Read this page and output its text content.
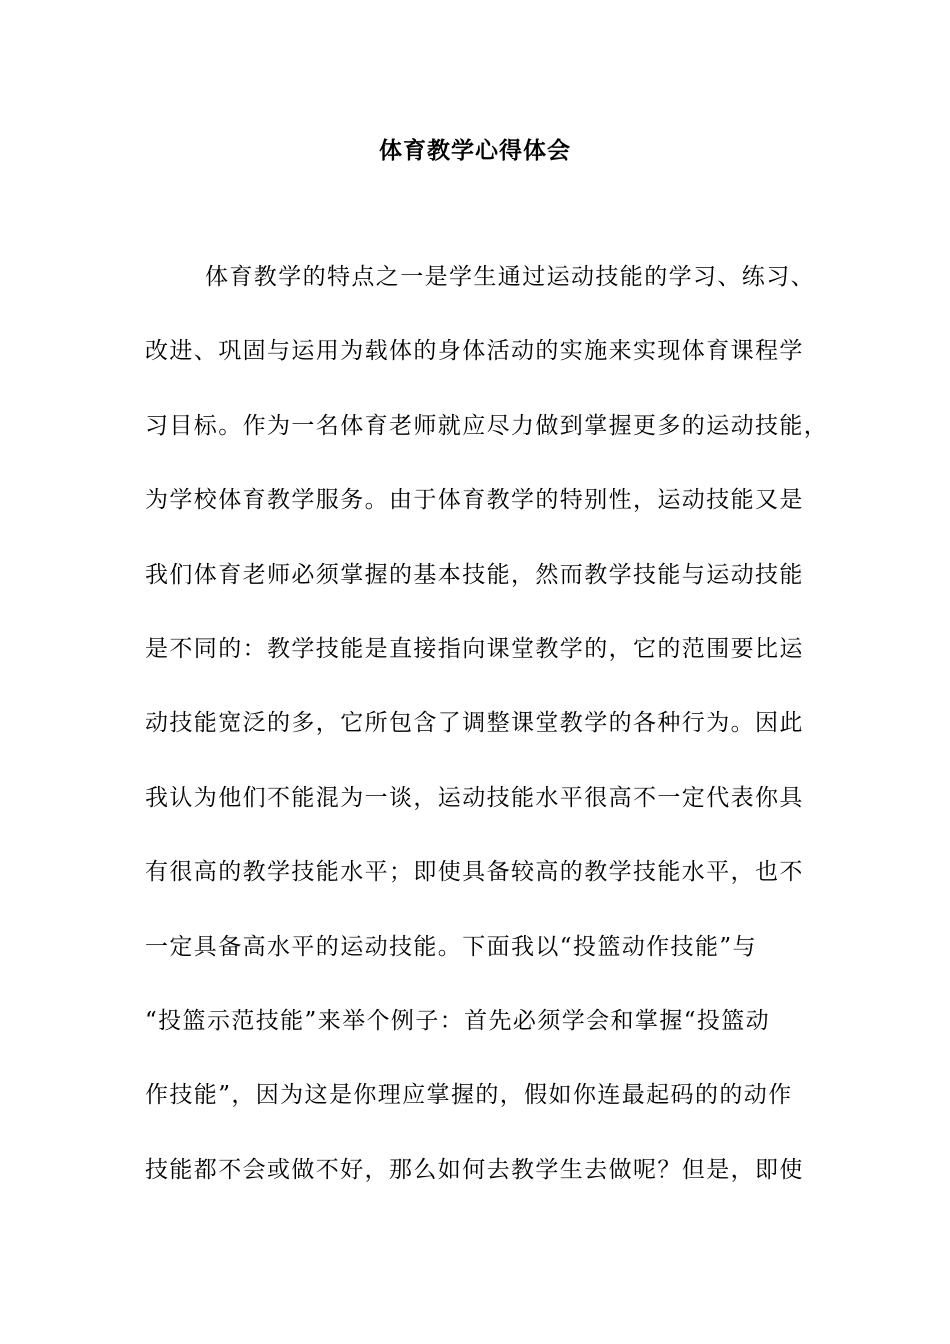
体育教学心得体会
体育教学的特点之一是学生通过运动技能的学习、练习、
改进、巩固与运用为载体的身体活动的实施来实现体育课程学
习目标。作为一名体育老师就应尽力做到掌握更多的运动技能，
为学校体育教学服务。由于体育教学的特别性，运动技能又是
我们体育老师必须掌握的基本技能，然而教学技能与运动技能
是不同的：教学技能是直接指向课堂教学的，它的范围要比运
动技能宽泛的多，它所包含了调整课堂教学的各种行为。因此
我认为他们不能混为一谈，运动技能水平很高不一定代表你具
有很高的教学技能水平；即使具备较高的教学技能水平，也不
一定具备高水平的运动技能。下面我以“投篮动作技能”与
“投篮示范技能”来举个例子：首先必须学会和掌握“投篮动
作技能”，因为这是你理应掌握的，假如你连最起码的的动作
技能都不会或做不好，那么如何去教学生去做呢？但是，即使
